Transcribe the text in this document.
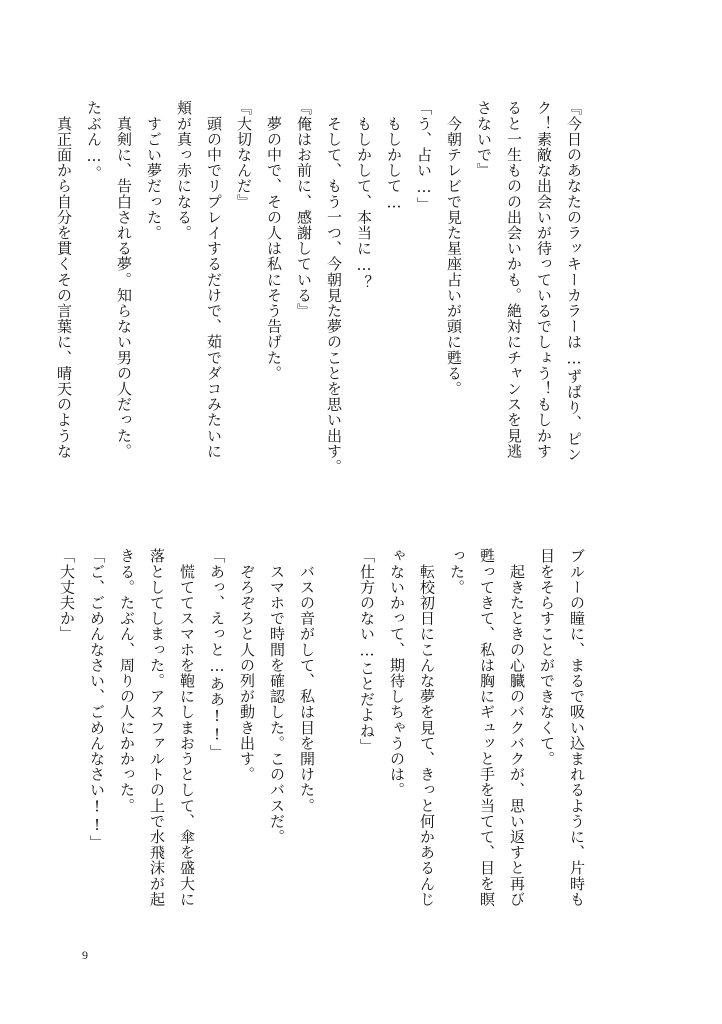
『今日のあなたのラッキーカラーは…ずばり、ピン

ク！素敵な出会いが待っているでしょう！もしかす

ると一生ものの出会いかも。絶対にチャンスを見逃

さないで』

　今朝テレビで見た星座占いが頭に甦る。

「う、占い…」

　もしかして…

　もしかして、本当に…？

　そして、もう一つ、今朝見た夢のことを思い出す。

『俺はお前に、感謝している』

　夢の中で、その人は私にそう告げた。

『大切なんだ』

　頭の中でリプレイするだけで、茹でダコみたいに

頬が真っ赤になる。

　すごい夢だった。

　真剣に、告白される夢。知らない男の人だった。

たぶん…。

　真正面から自分を貫くその言葉に、晴天のような

ブルーの瞳に、まるで吸い込まれるように、片時も

目をそらすことができなくて。

　起きたときの心臓のバクバクが、思い返すと再び

甦ってきて、私は胸にギュッと手を当てて、目を瞑

った。

　転校初日にこんな夢を見て、きっと何かあるんじ

ゃないかって、期待しちゃうのは。

「仕方のない…ことだよね」

　バスの音がして、私は目を開けた。

　スマホで時間を確認した。このバスだ。

　ぞろぞろと人の列が動き出す。

「あっ、えっと…ああ!!」

　慌ててスマホを鞄にしまおうとして、傘を盛大に

落としてしまった。アスファルトの上で水飛沫が起

きる。たぶん、周りの人にかかった。

「ご、ごめんなさい、ごめんなさい!!」

「大丈夫か」

9
